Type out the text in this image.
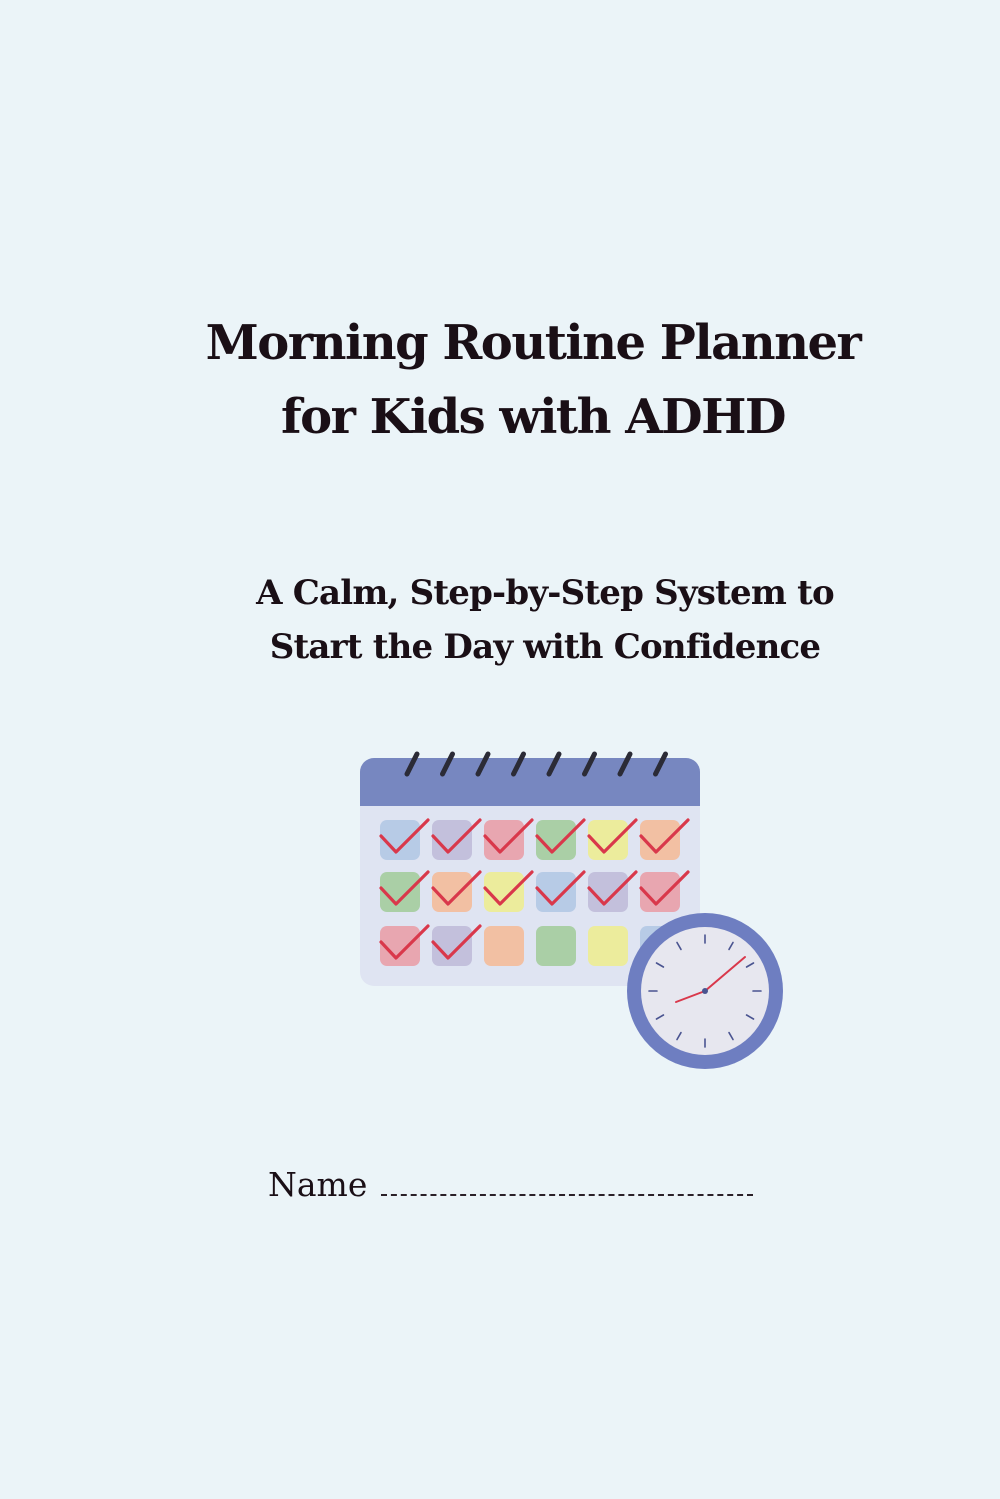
Morning Routine Planner
for Kids with ADHD
A Calm, Step-by-Step System to
Start the Day with Confidence
Name
